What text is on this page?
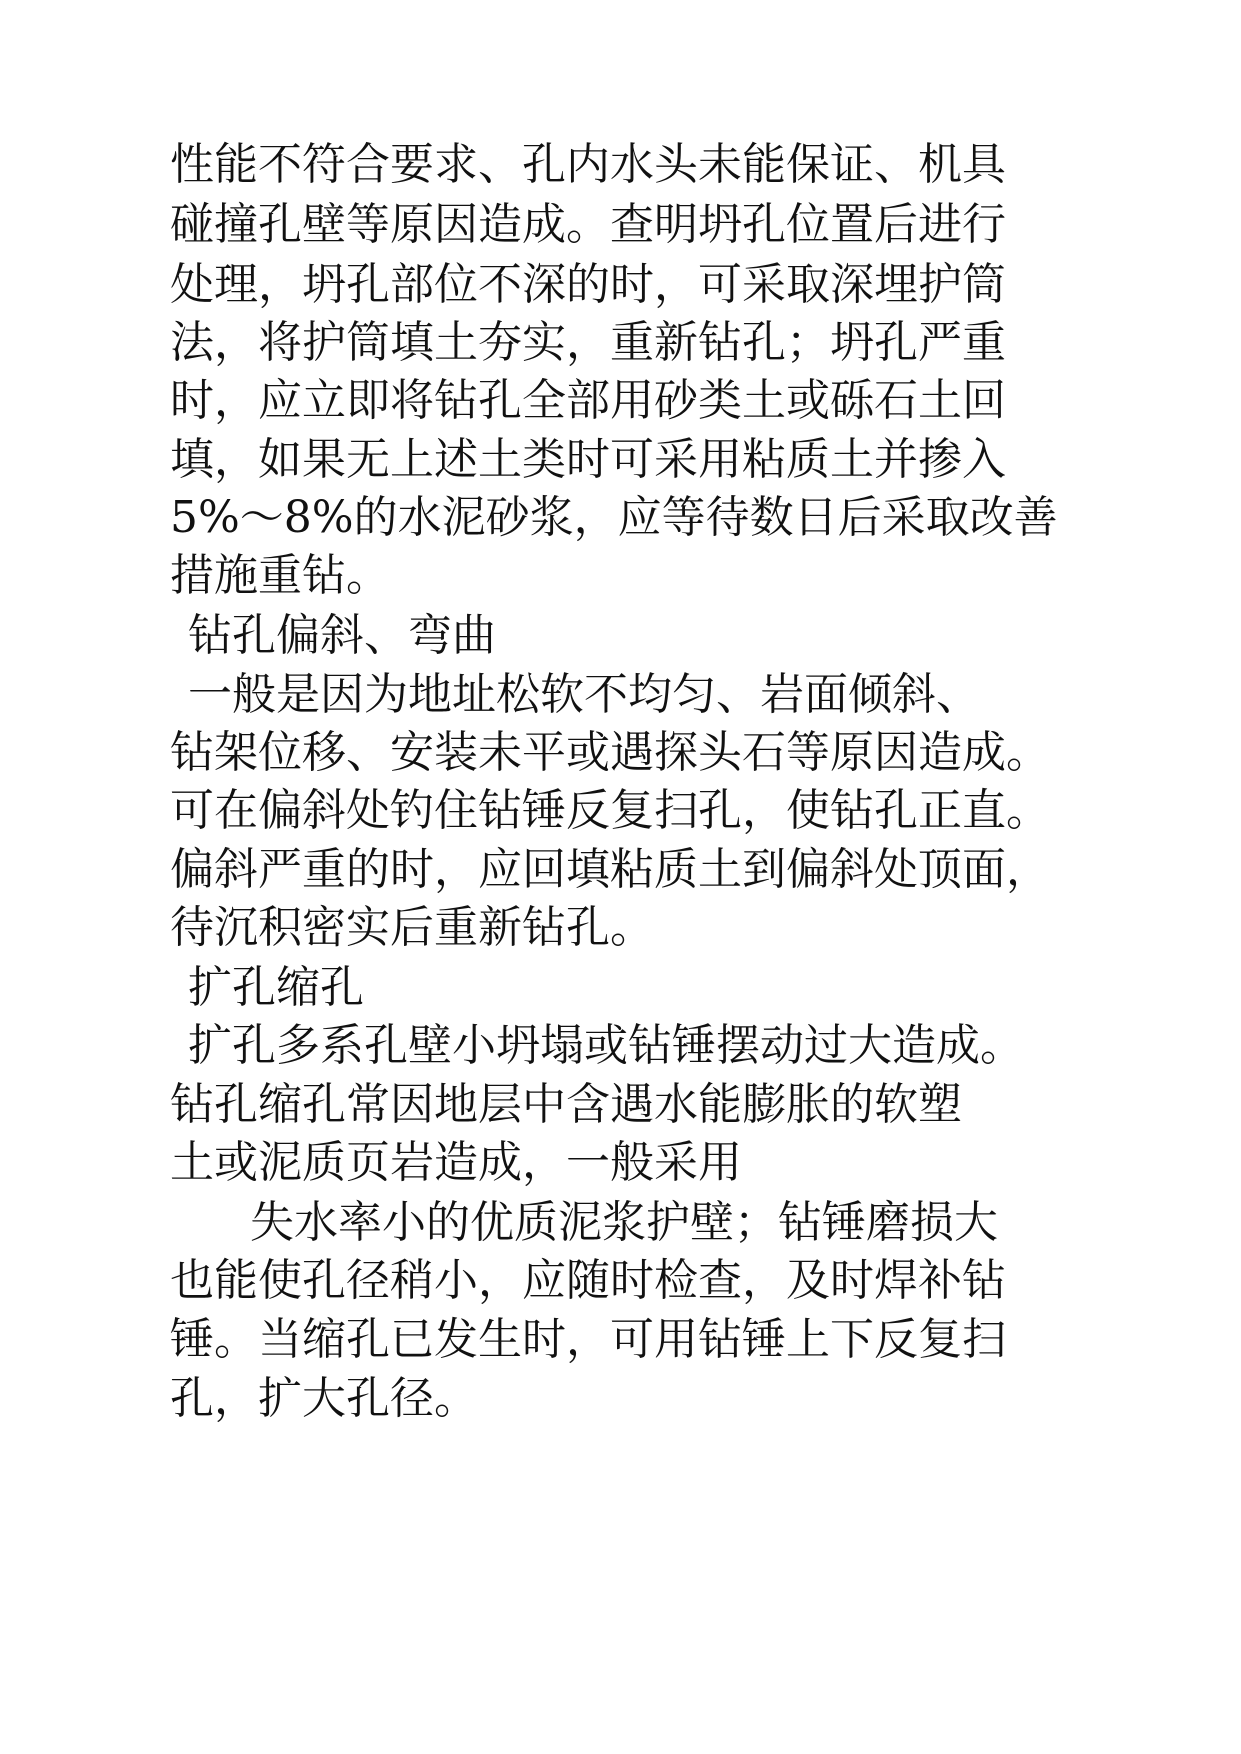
性能不符合要求、孔内水头未能保证、机具
碰撞孔壁等原因造成。查明坍孔位置后进行
处理，坍孔部位不深的时，可采取深埋护筒
法，将护筒填土夯实，重新钻孔；坍孔严重
时，应立即将钻孔全部用砂类土或砾石土回
填，如果无上述土类时可采用粘质土并掺入
5%～8%的水泥砂浆，应等待数日后采取改善
措施重钻。
钻孔偏斜、弯曲
一般是因为地址松软不均匀、岩面倾斜、
钻架位移、安装未平或遇探头石等原因造成。
可在偏斜处钓住钻锤反复扫孔，使钻孔正直。
偏斜严重的时，应回填粘质土到偏斜处顶面，
待沉积密实后重新钻孔。
扩孔缩孔
扩孔多系孔壁小坍塌或钻锤摆动过大造成。
钻孔缩孔常因地层中含遇水能膨胀的软塑
土或泥质页岩造成，一般采用
失水率小的优质泥浆护壁；钻锤磨损大
也能使孔径稍小，应随时检查，及时焊补钻
锤。当缩孔已发生时，可用钻锤上下反复扫
孔，扩大孔径。
